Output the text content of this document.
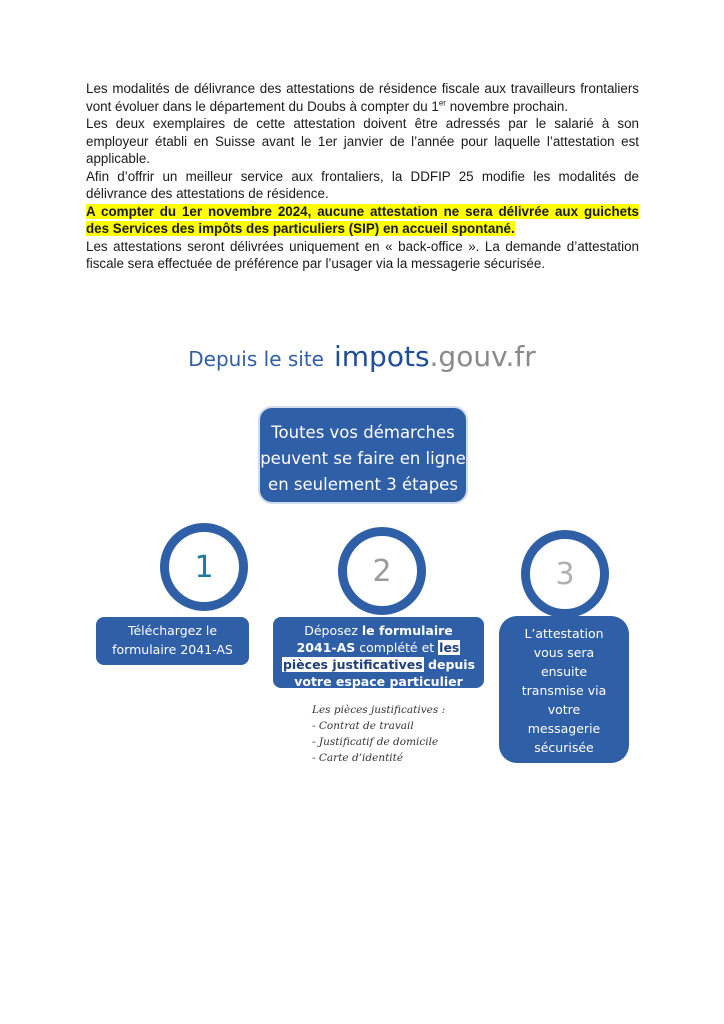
Les modalités de délivrance des attestations de résidence fiscale aux travailleurs frontaliers vont évoluer dans le département du Doubs à compter du 1er novembre prochain.

Les deux exemplaires de cette attestation doivent être adressés par le salarié à son employeur établi en Suisse avant le 1er janvier de l’année pour laquelle l’attestation est applicable.

Afin d’offrir un meilleur service aux frontaliers, la DDFIP 25 modifie les modalités de délivrance des attestations de résidence.

A compter du 1er novembre 2024, aucune attestation ne sera délivrée aux guichets des Services des impôts des particuliers (SIP) en accueil spontané.

Les attestations seront délivrées uniquement en « back-office ». La demande d’attestation fiscale sera effectuée de préférence par l’usager via la messagerie sécurisée.

Depuis le site impots.gouv.fr
Toutes vos démarches
peuvent se faire en ligne
en seulement 3 étapes
1	2	3
Téléchargez le
formulaire 2041-AS
Déposez le formulaire
2041-AS complété et les
pièces justificatives depuis
votre espace particulier
L’attestation
vous sera
ensuite
transmise via
votre
messagerie
sécurisée
Les pièces justificatives :
- Contrat de travail
- Justificatif de domicile
- Carte d’identité
